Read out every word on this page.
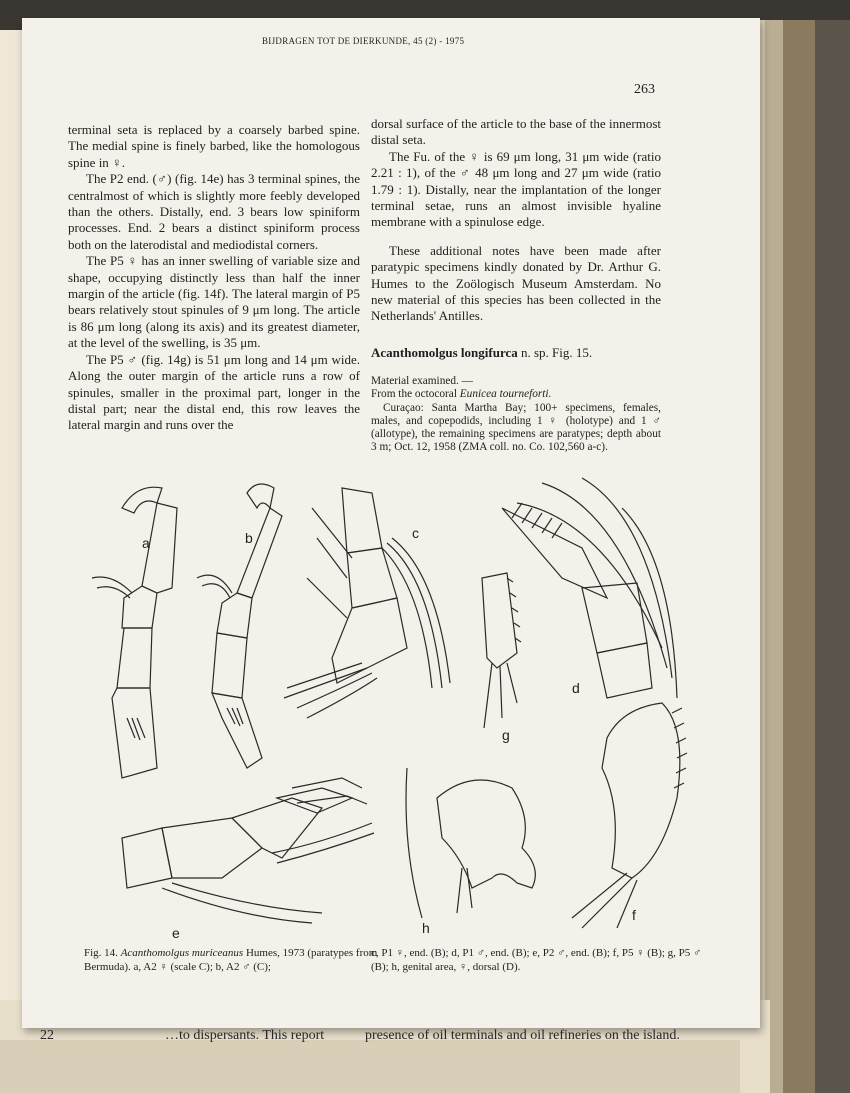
22	…to dispersants. This report	presence of oil terminals and oil refineries on the island.
BIJDRAGEN TOT DE DIERKUNDE, 45 (2) - 1975
263

terminal seta is replaced by a coarsely barbed spine. The medial spine is finely barbed, like the homologous spine in ♀.

The P2 end. (♂) (fig. 14e) has 3 terminal spines, the centralmost of which is slightly more feebly developed than the others. Distally, end. 3 bears low spiniform processes. End. 2 bears a distinct spiniform process both on the laterodistal and mediodistal corners.

The P5 ♀ has an inner swelling of variable size and shape, occupying distinctly less than half the inner margin of the article (fig. 14f). The lateral margin of P5 bears relatively stout spinules of 9 μm long. The article is 86 μm long (along its axis) and its greatest diameter, at the level of the swelling, is 35 μm.

The P5 ♂ (fig. 14g) is 51 μm long and 14 μm wide. Along the outer margin of the article runs a row of spinules, smaller in the proximal part, longer in the distal part; near the distal end, this row leaves the lateral margin and runs over the

dorsal surface of the article to the base of the innermost distal seta.

The Fu. of the ♀ is 69 μm long, 31 μm wide (ratio 2.21 : 1), of the ♂ 48 μm long and 27 μm wide (ratio 1.79 : 1). Distally, near the implantation of the longer terminal setae, runs an almost invisible hyaline membrane with a spinulose edge.

These additional notes have been made after paratypic specimens kindly donated by Dr. Arthur G. Humes to the Zoölogisch Museum Amsterdam. No new material of this species has been collected in the Netherlands' Antilles.

Acanthomolgus longifurca n. sp. Fig. 15.

Material examined. —

From the octocoral Eunicea tourneforti.

Curaçao: Santa Martha Bay; 100+ specimens, females, males, and copepodids, including 1 ♀ (holotype) and 1 ♂ (allotype), the remaining specimens are paratypes; depth about 3 m; Oct. 12, 1958 (ZMA coll. no. Co. 102,560 a-c).

a	b	c
d
e
f
g
h
Fig. 14. Acanthomolgus muriceanus Humes, 1973 (paratypes from Bermuda). a, A2 ♀ (scale C); b, A2 ♂ (C);
c, P1 ♀, end. (B); d, P1 ♂, end. (B); e, P2 ♂, end. (B); f, P5 ♀ (B); g, P5 ♂ (B); h, genital area, ♀, dorsal (D).
